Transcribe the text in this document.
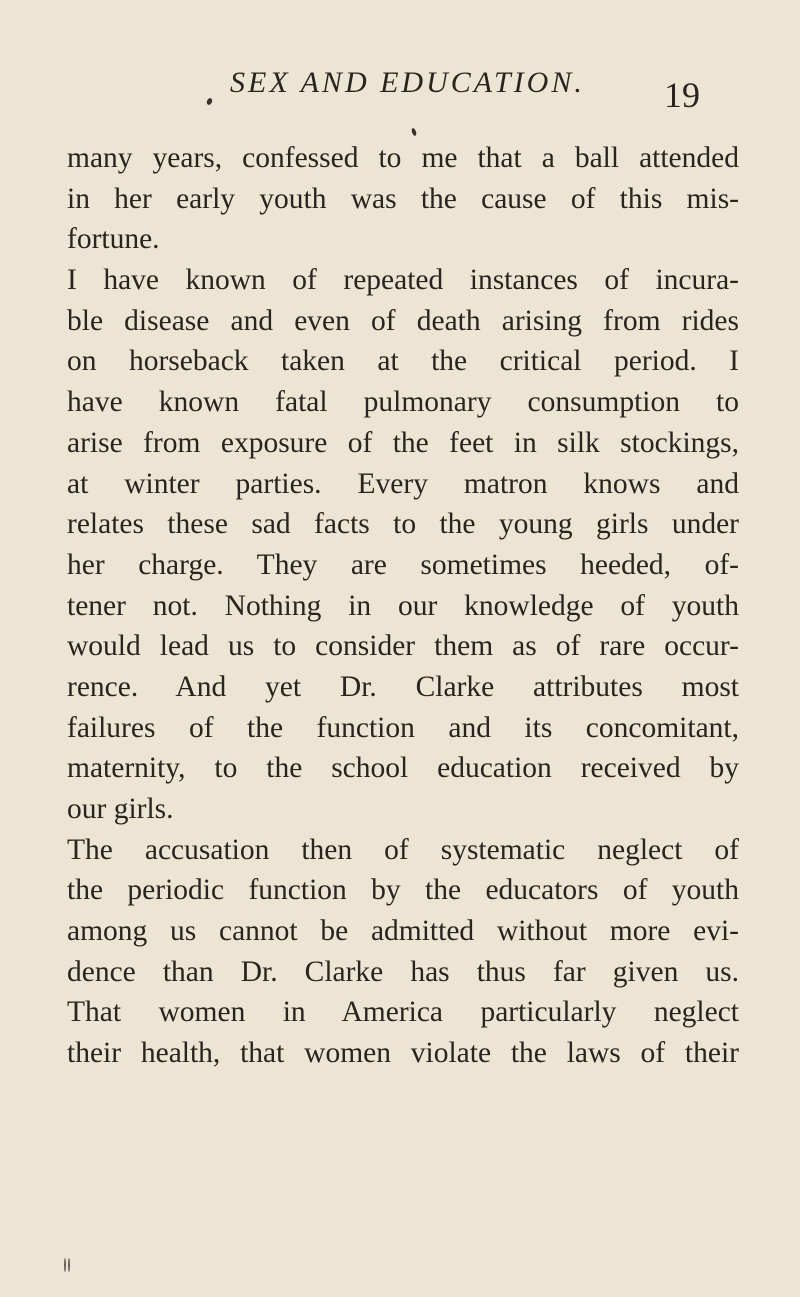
SEX AND EDUCATION. 19
many years, confessed to me that a ball attended
in her early youth was the cause of this mis-
fortune.
I have known of repeated instances of incura-
ble disease and even of death arising from rides
on horseback taken at the critical period. I
have known fatal pulmonary consumption to
arise from exposure of the feet in silk stockings,
at winter parties. Every matron knows and
relates these sad facts to the young girls under
her charge. They are sometimes heeded, of-
tener not. Nothing in our knowledge of youth
would lead us to consider them as of rare occur-
rence. And yet Dr. Clarke attributes most
failures of the function and its concomitant,
maternity, to the school education received by
our girls.
The accusation then of systematic neglect of
the periodic function by the educators of youth
among us cannot be admitted without more evi-
dence than Dr. Clarke has thus far given us.
That women in America particularly neglect
their health, that women violate the laws of their
